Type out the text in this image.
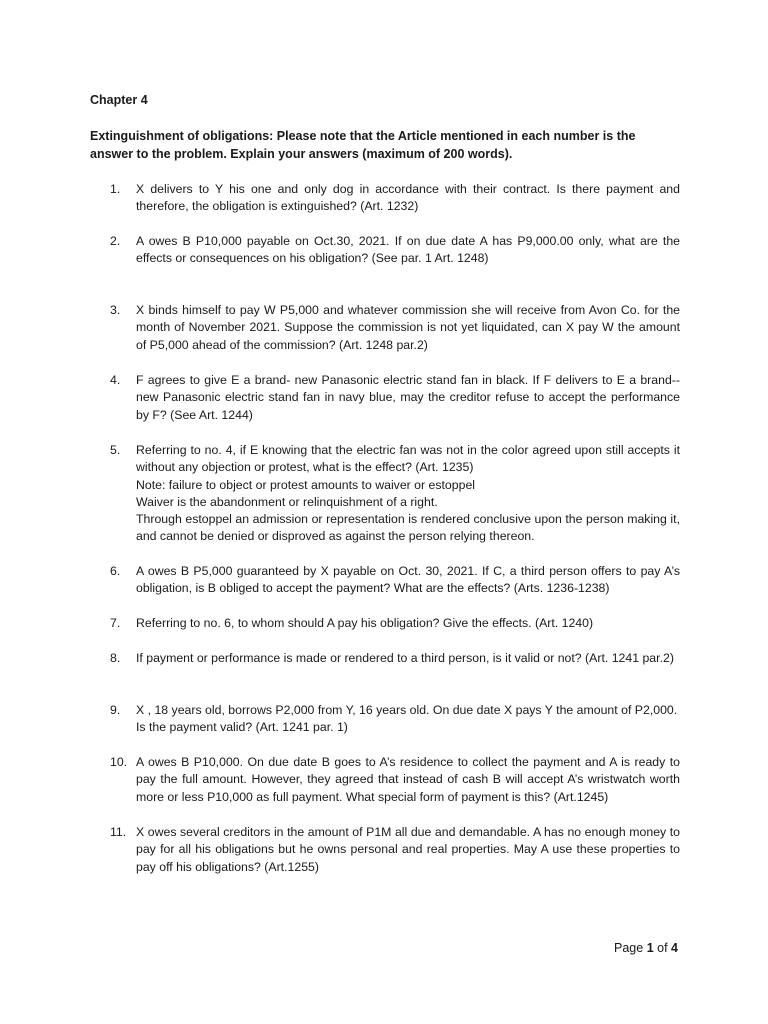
Chapter 4
Extinguishment of obligations: Please note that the Article mentioned in each number is the answer to the problem. Explain your answers (maximum of 200 words).
1.	X delivers to Y his one and only dog in accordance with their contract. Is there payment and therefore, the obligation is extinguished? (Art. 1232)

2.	A owes B P10,000 payable on Oct.30, 2021. If on due date A has P9,000.00 only, what are the effects or consequences on his obligation? (See par. 1 Art. 1248)

3.	X binds himself to pay W P5,000 and whatever commission she will receive from Avon Co. for the month of November 2021. Suppose the commission is not yet liquidated, can X pay W the amount of P5,000 ahead of the commission? (Art. 1248 par.2)

4.	F agrees to give E a brand- new Panasonic electric stand fan in black. If F delivers to E a brand-- new Panasonic electric stand fan in navy blue, may the creditor refuse to accept the performance by F? (See Art. 1244)

5.	Referring to no. 4, if E knowing that the electric fan was not in the color agreed upon still accepts it without any objection or protest, what is the effect? (Art. 1235)

Note: failure to object or protest amounts to waiver or estoppel

Waiver is the abandonment or relinquishment of a right.

Through estoppel an admission or representation is rendered conclusive upon the person making it, and cannot be denied or disproved as against the person relying thereon.

6.	A owes B P5,000 guaranteed by X payable on Oct. 30, 2021. If C, a third person offers to pay A’s obligation, is B obliged to accept the payment? What are the effects? (Arts. 1236-1238)

7.	Referring to no. 6, to whom should A pay his obligation? Give the effects. (Art. 1240)

8.	If payment or performance is made or rendered to a third person, is it valid or not? (Art. 1241 par.2)

9.	X , 18 years old, borrows P2,000 from Y, 16 years old. On due date X pays Y the amount of P2,000. Is the payment valid? (Art. 1241 par. 1)

10. A owes B P10,000. On due date B goes to A’s residence to collect the payment and A is ready to pay the full amount. However, they agreed that instead of cash B will accept A’s wristwatch worth more or less P10,000 as full payment. What special form of payment is this? (Art.1245)

11. X owes several creditors in the amount of P1M all due and demandable. A has no enough money to pay for all his obligations but he owns personal and real properties. May A use these properties to pay off his obligations? (Art.1255)

Page 1 of 4
